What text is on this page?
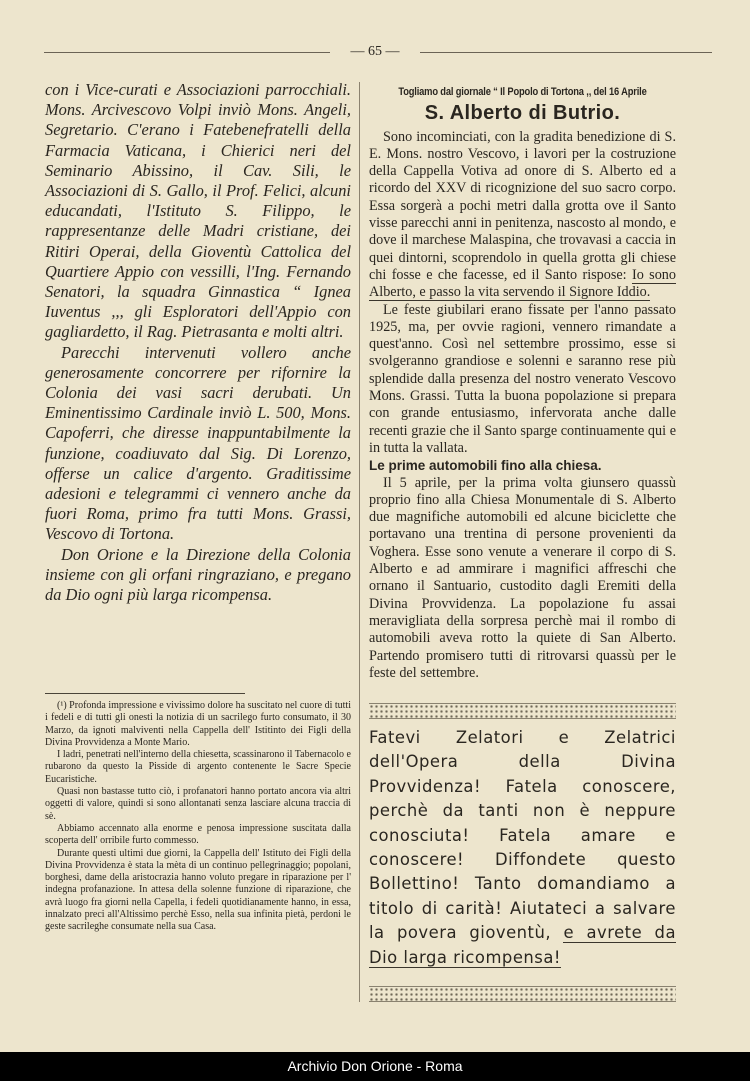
— 65 —

con i Vice-curati e Associazioni parrocchiali. Mons. Arcivescovo Volpi inviò Mons. Angeli, Segretario. C'erano i Fatebenefratelli della Farmacia Vaticana, i Chierici neri del Seminario Abissino, il Cav. Sili, le Associazioni di S. Gallo, il Prof. Felici, alcuni educandati, l'Istituto S. Filippo, le rappresentanze delle Madri cristiane, dei Ritiri Operai, della Gioventù Cattolica del Quartiere Appio con vessilli, l'Ing. Fernando Senatori, la squadra Ginnastica “ Ignea Iuventus ,,, gli Esploratori dell'Appio con gagliardetto, il Rag. Pietrasanta e molti altri.

Parecchi intervenuti vollero anche generosamente concorrere per rifornire la Colonia dei vasi sacri derubati. Un Eminentissimo Cardinale inviò L. 500, Mons. Capoferri, che diresse inappuntabilmente la funzione, coadiuvato dal Sig. Di Lorenzo, offerse un calice d'argento. Graditissime adesioni e telegrammi ci vennero anche da fuori Roma, primo fra tutti Mons. Grassi, Vescovo di Tortona.

Don Orione e la Direzione della Colonia insieme con gli orfani ringraziano, e pregano da Dio ogni più larga ricompensa.

(¹) Profonda impressione e vivissimo dolore ha suscitato nel cuore di tutti i fedeli e di tutti gli onesti la notizia di un sacrilego furto consumato, il 30 Marzo, da ignoti malviventi nella Cappella dell' Istitinto dei Figli della Divina Provvidenza a Monte Mario.

I ladri, penetrati nell'interno della chiesetta, scassinarono il Tabernacolo e rubarono da questo la Pisside di argento contenente le Sacre Specie Eucaristiche.

Quasi non bastasse tutto ciò, i profanatori hanno portato ancora via altri oggetti di valore, quindi si sono allontanati senza lasciare alcuna traccia di sè.

Abbiamo accennato alla enorme e penosa impressione suscitata dalla scoperta dell' orribile furto commesso.

Durante questi ultimi due giorni, la Cappella dell' Istituto dei Figli della Divina Provvidenza è stata la mèta di un continuo pellegrinaggio; popolani, borghesi, dame della aristocrazia hanno voluto pregare in riparazione per l' indegna profanazione. In attesa della solenne funzione di riparazione, che avrà luogo fra giorni nella Capella, i fedeli quotidianamente hanno, in essa, innalzato preci all'Altissimo perchè Esso, nella sua infinita pietà, perdoni le geste sacrileghe consumate nella sua Casa.

Togliamo dal giornale “ Il Popolo di Tortona ,, del 16 Aprile
S. Alberto di Butrio.

Sono incominciati, con la gradita benedizione di S. E. Mons. nostro Vescovo, i lavori per la costruzione della Cappella Votiva ad onore di S. Alberto ed a ricordo del XXV di ricognizione del suo sacro corpo. Essa sorgerà a pochi metri dalla grotta ove il Santo visse parecchi anni in penitenza, nascosto al mondo, e dove il marchese Malaspina, che trovavasi a caccia in quei dintorni, scoprendolo in quella grotta gli chiese chi fosse e che facesse, ed il Santo rispose: Io sono Alberto, e passo la vita servendo il Signore Iddio.

Le feste giubilari erano fissate per l'anno passato 1925, ma, per ovvie ragioni, vennero rimandate a quest'anno. Così nel settembre prossimo, esse si svolgeranno grandiose e solenni e saranno rese più splendide dalla presenza del nostro venerato Vescovo Mons. Grassi. Tutta la buona popolazione si prepara con grande entusiasmo, infervorata anche dalle recenti grazie che il Santo sparge continuamente qui e in tutta la vallata.

Le prime automobili fino alla chiesa.

Il 5 aprile, per la prima volta giunsero quassù proprio fino alla Chiesa Monumentale di S. Alberto due magnifiche automobili ed alcune biciclette che portavano una trentina di persone provenienti da Voghera. Esse sono venute a venerare il corpo di S. Alberto e ad ammirare i magnifici affreschi che ornano il Santuario, custodito dagli Eremiti della Divina Provvidenza. La popolazione fu assai meravigliata della sorpresa perchè mai il rombo di automobili aveva rotto la quiete di San Alberto. Partendo promisero tutti di ritrovarsi quassù per le feste del settembre.

Fatevi Zelatori e Zelatrici dell'Opera della Divina Provvidenza! Fatela conoscere, perchè da tanti non è neppure conosciuta! Fatela amare e conoscere! Diffondete questo Bollettino! Tanto domandiamo a titolo di carità! Aiutateci a salvare la povera gioventù, e avrete da Dio larga ricompensa!
Archivio Don Orione - Roma
